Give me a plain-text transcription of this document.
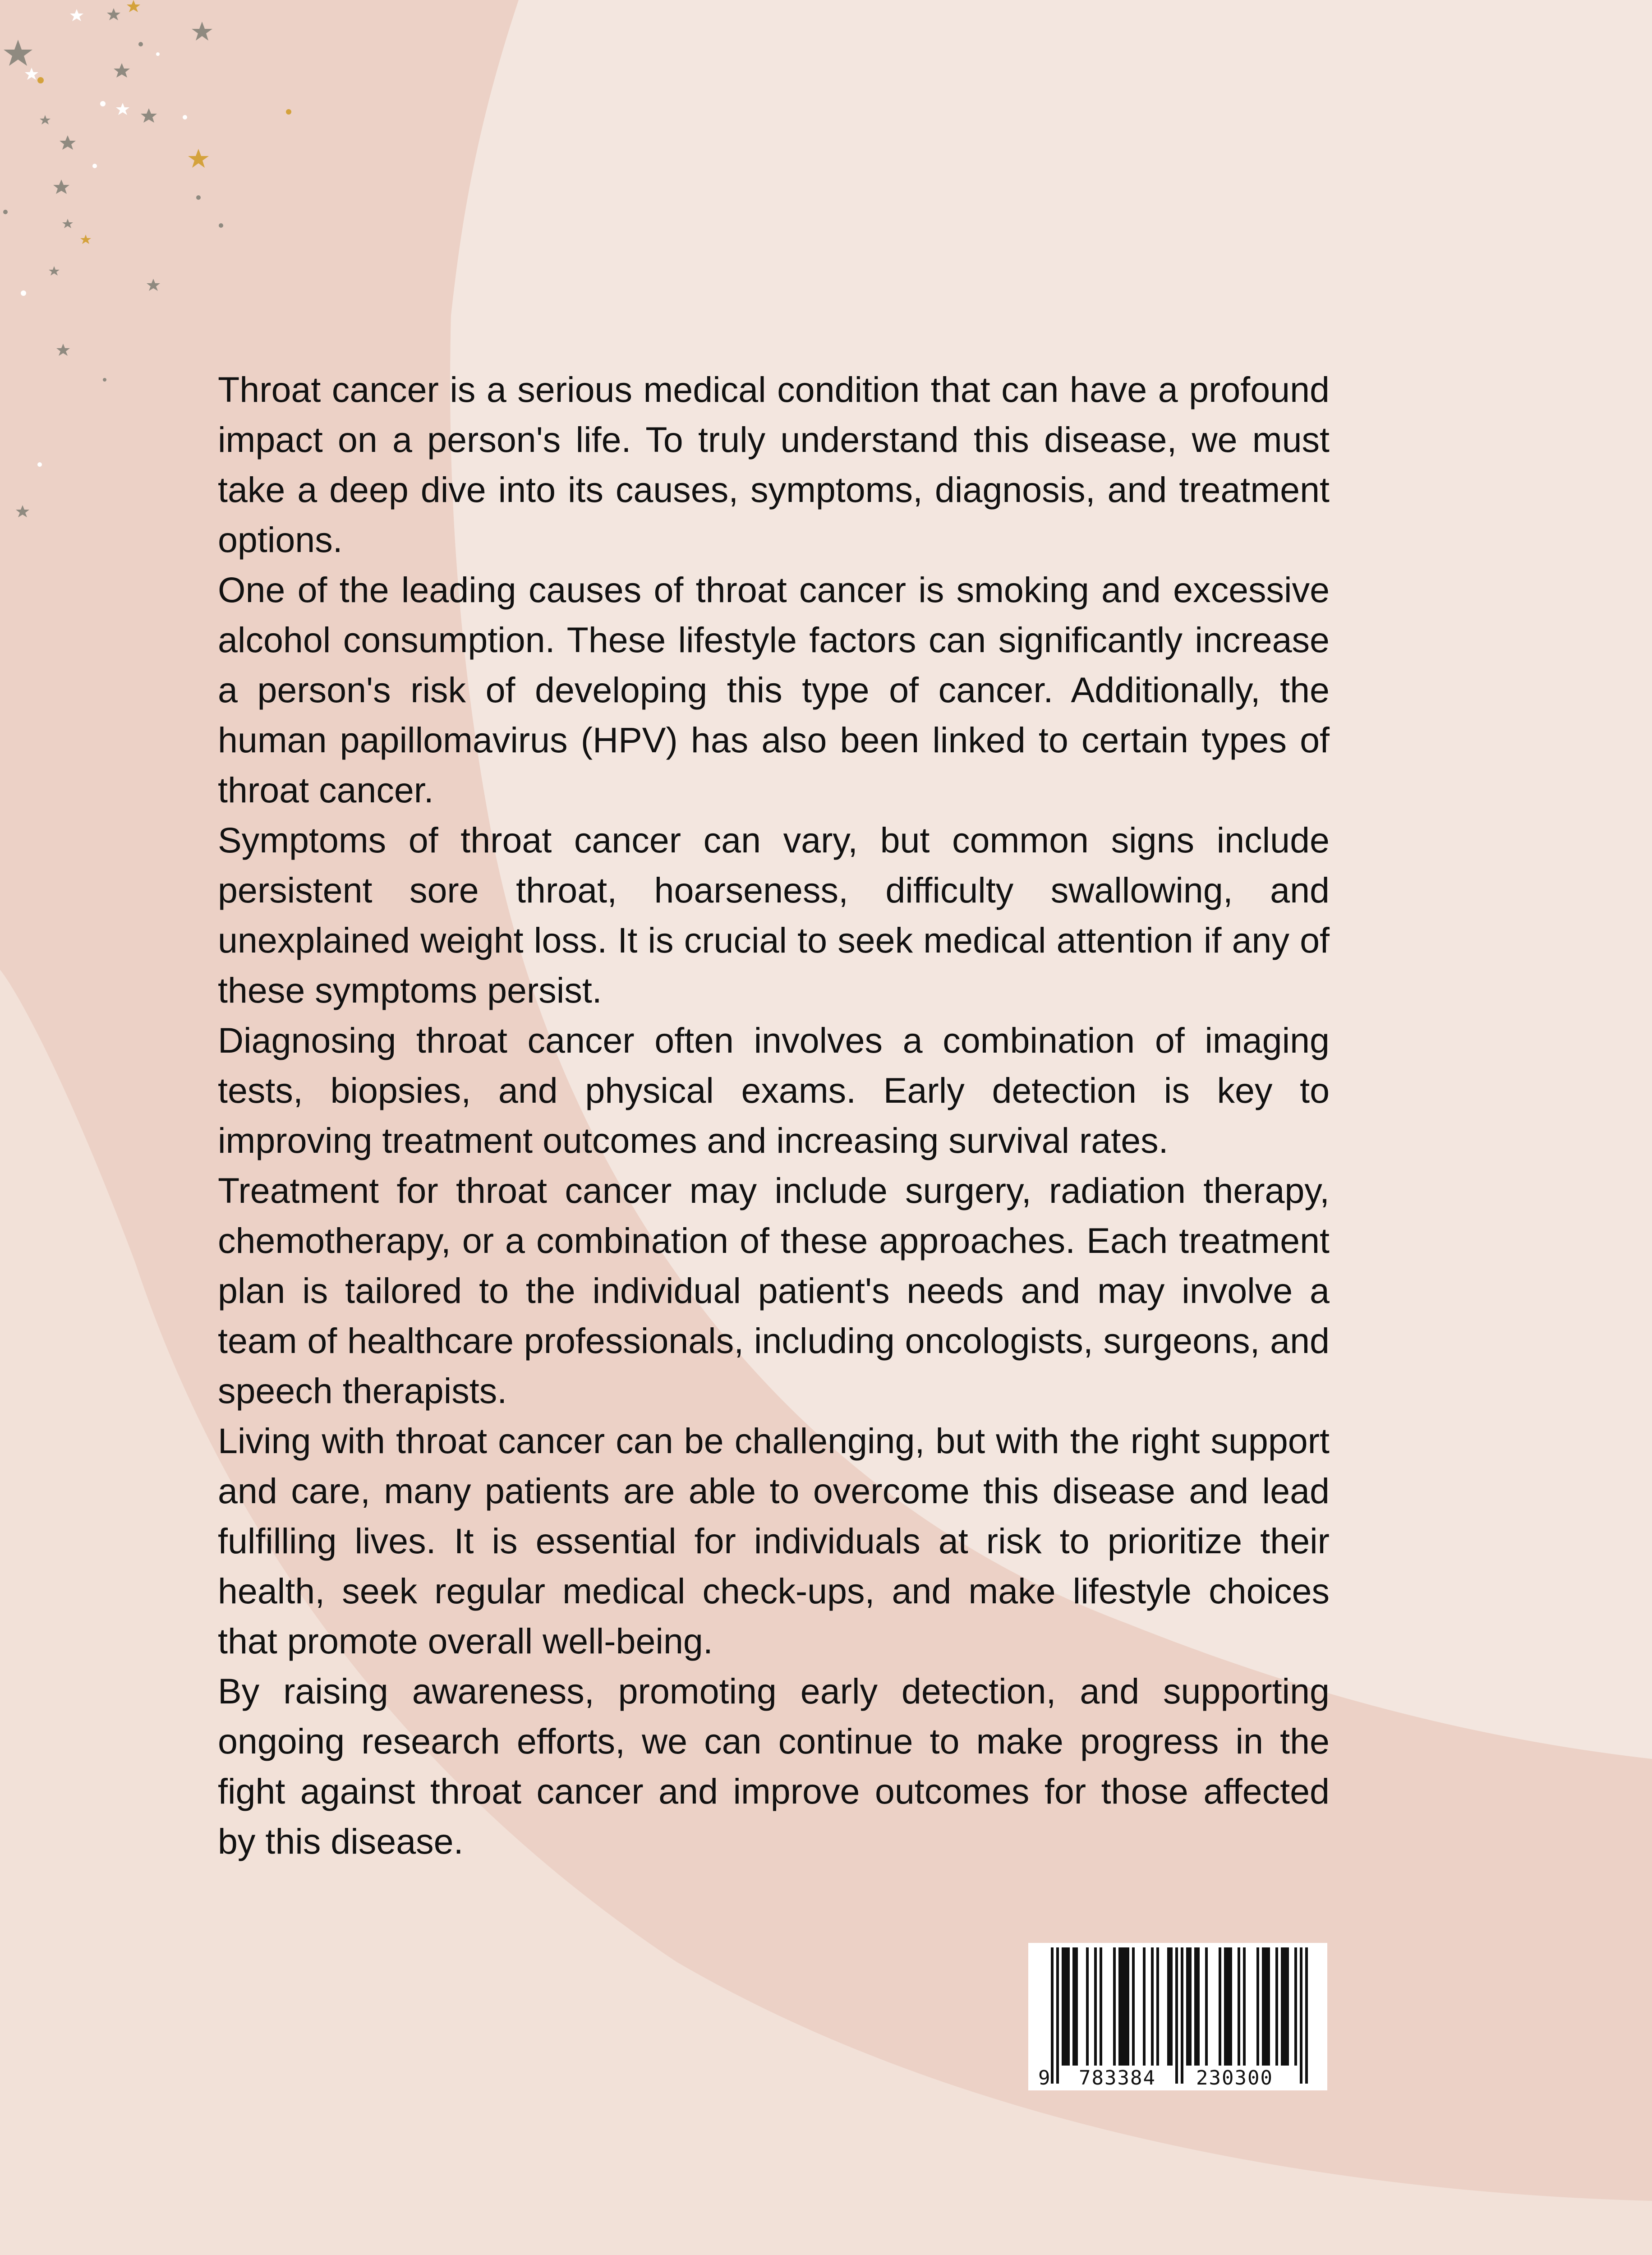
Throat cancer is a serious medical condition that can have a profound impact on a person's life. To truly understand this disease, we must take a deep dive into its causes, symptoms, diagnosis, and treatment options.

One of the leading causes of throat cancer is smoking and excessive alcohol consumption. These lifestyle factors can significantly increase a person's risk of developing this type of cancer. Additionally, the human papillomavirus (HPV) has also been linked to certain types of throat cancer.

Symptoms of throat cancer can vary, but common signs include persistent sore throat, hoarseness, difficulty swallowing, and unexplained weight loss. It is crucial to seek medical attention if any of these symptoms persist.

Diagnosing throat cancer often involves a combination of imaging tests, biopsies, and physical exams. Early detection is key to improving treatment outcomes and increasing survival rates.

Treatment for throat cancer may include surgery, radiation therapy, chemotherapy, or a combination of these approaches. Each treatment plan is tailored to the individual patient's needs and may involve a team of healthcare professionals, including oncologists, surgeons, and speech therapists.

Living with throat cancer can be challenging, but with the right support and care, many patients are able to overcome this disease and lead fulfilling lives. It is essential for individuals at risk to prioritize their health, seek regular medical check-ups, and make lifestyle choices that promote overall well-being.

By raising awareness, promoting early detection, and supporting ongoing research efforts, we can continue to make progress in the fight against throat cancer and improve outcomes for those affected by this disease.

9 783384 230300
